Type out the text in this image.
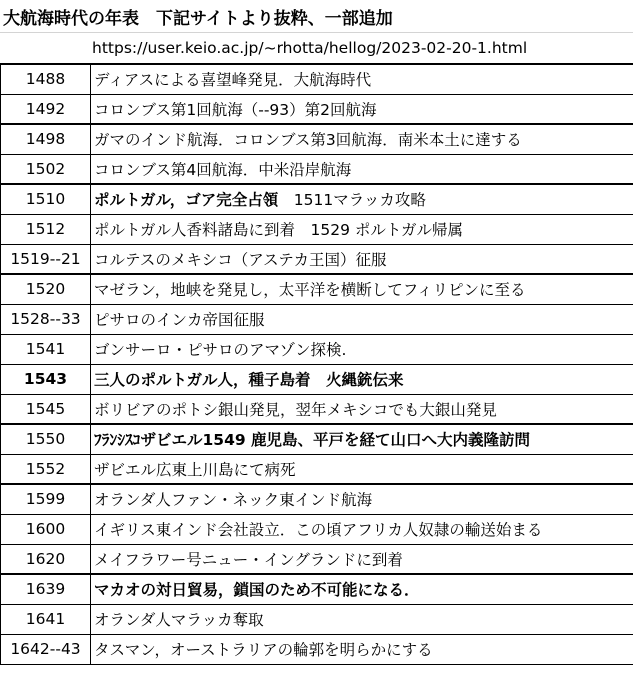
大航海時代の年表　下記サイトより抜粋、一部追加
https://user.keio.ac.jp/~rhotta/hellog/2023-02-20-1.html
1488	ディアスによる喜望峰発見．大航海時代
1492	コロンブス第1回航海（--93）第2回航海
1498	ガマのインド航海．コロンブス第3回航海．南米本土に達する
1502	コロンブス第4回航海．中米沿岸航海
1510	ポルトガル，ゴア完全占領　1511マラッカ攻略
1512	ポルトガル人香料諸島に到着　1529 ポルトガル帰属
1519--21	コルテスのメキシコ（アステカ王国）征服
1520	マゼラン，地峡を発見し，太平洋を横断してフィリピンに至る
1528--33	ピサロのインカ帝国征服
1541	ゴンサーロ・ピサロのアマゾン探検.
1543	三人のポルトガル人，種子島着　火縄銃伝来
1545	ボリビアのポトシ銀山発見，翌年メキシコでも大銀山発見
1550	ﾌﾗﾝｼｽｺザビエル1549 鹿児島、平戸を経て山口へ大内義隆訪問
1552	ザビエル広東上川島にて病死
1599	オランダ人ファン・ネック東インド航海
1600	イギリス東インド会社設立．この頃アフリカ人奴隷の輸送始まる
1620	メイフラワー号ニュー・イングランドに到着
1639	マカオの対日貿易，鎖国のため不可能になる．
1641	オランダ人マラッカ奪取
1642--43	タスマン，オーストラリアの輪郭を明らかにする
